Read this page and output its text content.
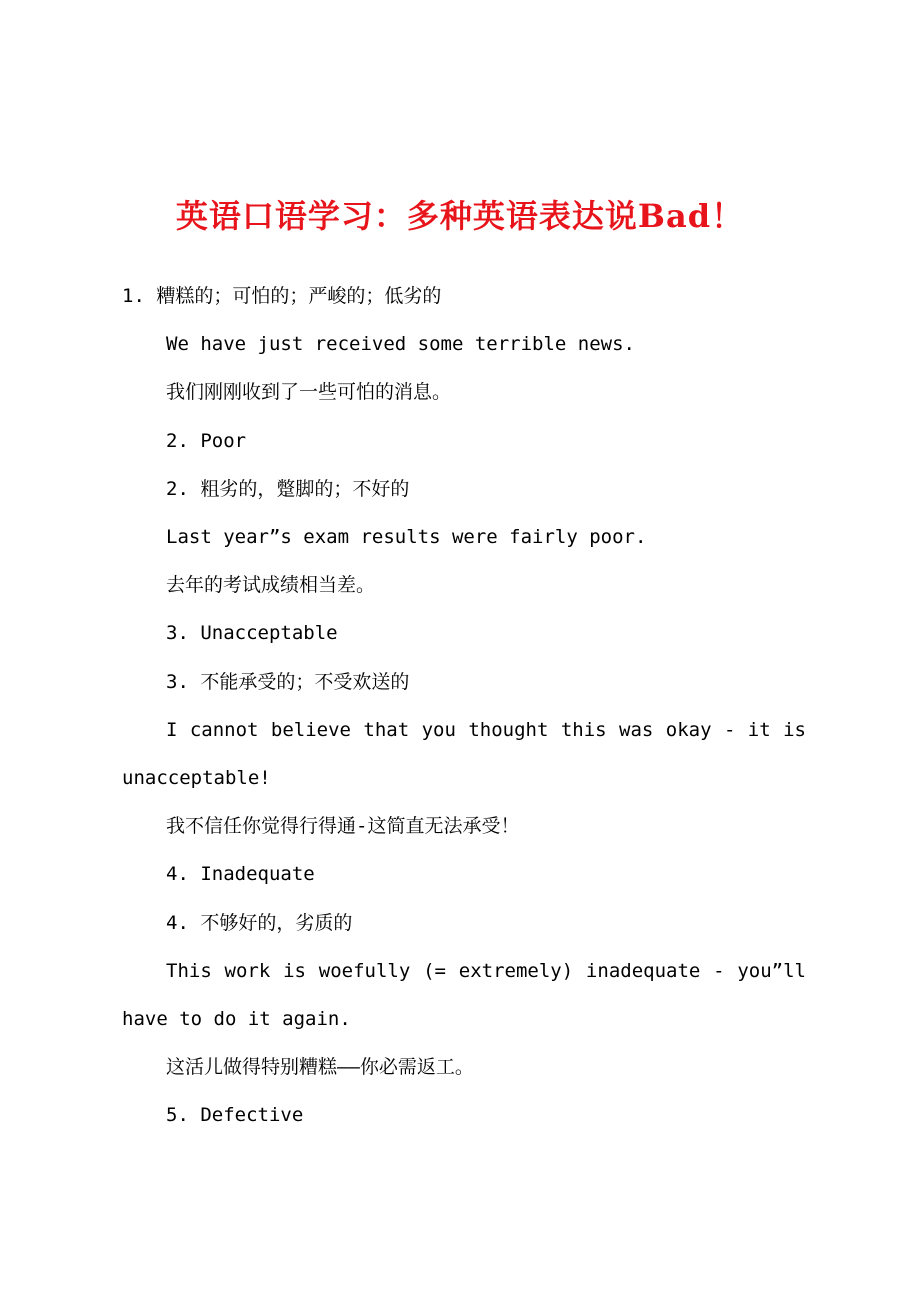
英语口语学习：多种英语表达说Bad！

1. 糟糕的；可怕的；严峻的；低劣的

We have just received some terrible news.

我们刚刚收到了一些可怕的消息。

2. Poor

2. 粗劣的，蹩脚的；不好的

Last year”s exam results were fairly poor.

去年的考试成绩相当差。

3. Unacceptable

3. 不能承受的；不受欢送的

I cannot believe that you thought this was okay - it is unacceptable!

我不信任你觉得行得通-这简直无法承受！

4. Inadequate

4. 不够好的，劣质的

This work is woefully (= extremely) inadequate - you”ll have to do it again.

这活儿做得特别糟糕——你必需返工。

5. Defective
